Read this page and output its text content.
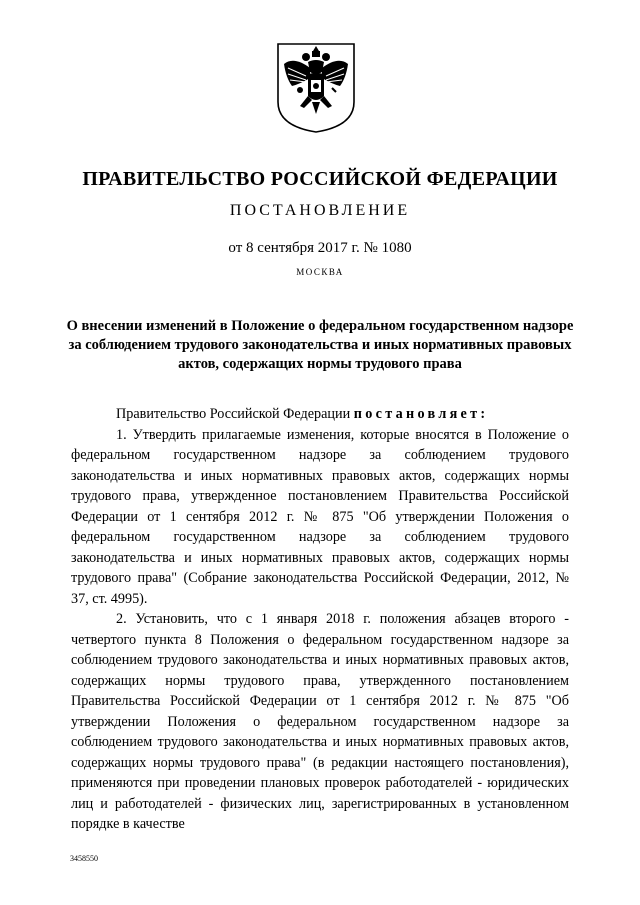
ПРАВИТЕЛЬСТВО РОССИЙСКОЙ ФЕДЕРАЦИИ
ПОСТАНОВЛЕНИЕ
от 8 сентября 2017 г. № 1080
МОСКВА
О внесении изменений в Положение о федеральном государственном надзоре за соблюдением трудового законодательства и иных нормативных правовых актов, содержащих нормы трудового права

Правительство Российской Федерации постановляет:

1. Утвердить прилагаемые изменения, которые вносятся в Положение о федеральном государственном надзоре за соблюдением трудового законодательства и иных нормативных правовых актов, содержащих нормы трудового права, утвержденное постановлением Правительства Российской Федерации от 1 сентября 2012 г. № 875 "Об утверждении Положения о федеральном государственном надзоре за соблюдением трудового законодательства и иных нормативных правовых актов, содержащих нормы трудового права" (Собрание законодательства Российской Федерации, 2012, № 37, ст. 4995).

2. Установить, что с 1 января 2018 г. положения абзацев второго - четвертого пункта 8 Положения о федеральном государственном надзоре за соблюдением трудового законодательства и иных нормативных правовых актов, содержащих нормы трудового права, утвержденного постановлением Правительства Российской Федерации от 1 сентября 2012 г. № 875 "Об утверждении Положения о федеральном государственном надзоре за соблюдением трудового законодательства и иных нормативных правовых актов, содержащих нормы трудового права" (в редакции настоящего постановления), применяются при проведении плановых проверок работодателей - юридических лиц и работодателей - физических лиц, зарегистрированных в установленном порядке в качестве

3458550
